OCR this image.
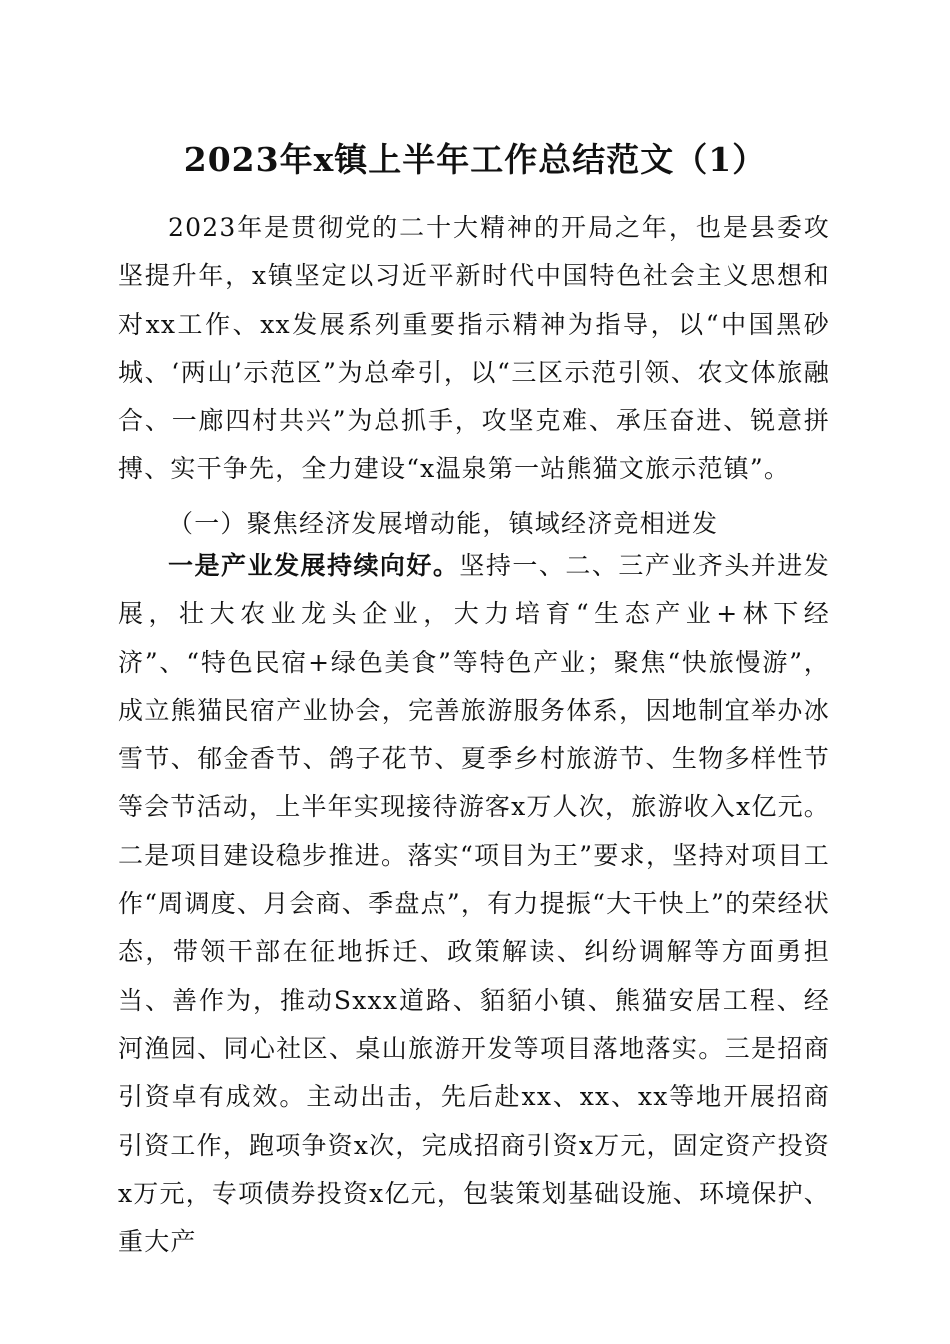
2023年x镇上半年工作总结范文（1）

2023年是贯彻党的二十大精神的开局之年，也是县委攻坚提升年，x镇坚定以习近平新时代中国特色社会主义思想和对xx工作、xx发展系列重要指示精神为指导，以“中国黑砂城、‘两山’示范区”为总牵引，以“三区示范引领、农文体旅融合、一廊四村共兴”为总抓手，攻坚克难、承压奋进、锐意拼搏、实干争先，全力建设“x温泉第一站熊猫文旅示范镇”。

（一）聚焦经济发展增动能，镇域经济竞相迸发

一是产业发展持续向好。坚持一、二、三产业齐头并进发展，壮大农业龙头企业，大力培育“生态产业+林下经济”、“特色民宿+绿色美食”等特色产业；聚焦“快旅慢游”，成立熊猫民宿产业协会，完善旅游服务体系，因地制宜举办冰雪节、郁金香节、鸽子花节、夏季乡村旅游节、生物多样性节等会节活动，上半年实现接待游客x万人次，旅游收入x亿元。二是项目建设稳步推进。落实“项目为王”要求，坚持对项目工作“周调度、月会商、季盘点”，有力提振“大干快上”的荣经状态，带领干部在征地拆迁、政策解读、纠纷调解等方面勇担当、善作为，推动Sxxx道路、貊貊小镇、熊猫安居工程、经河渔园、同心社区、桌山旅游开发等项目落地落实。三是招商引资卓有成效。主动出击，先后赴xx、xx、xx等地开展招商引资工作，跑项争资x次，完成招商引资x万元，固定资产投资x万元，专项债券投资x亿元，包装策划基础设施、环境保护、重大产
